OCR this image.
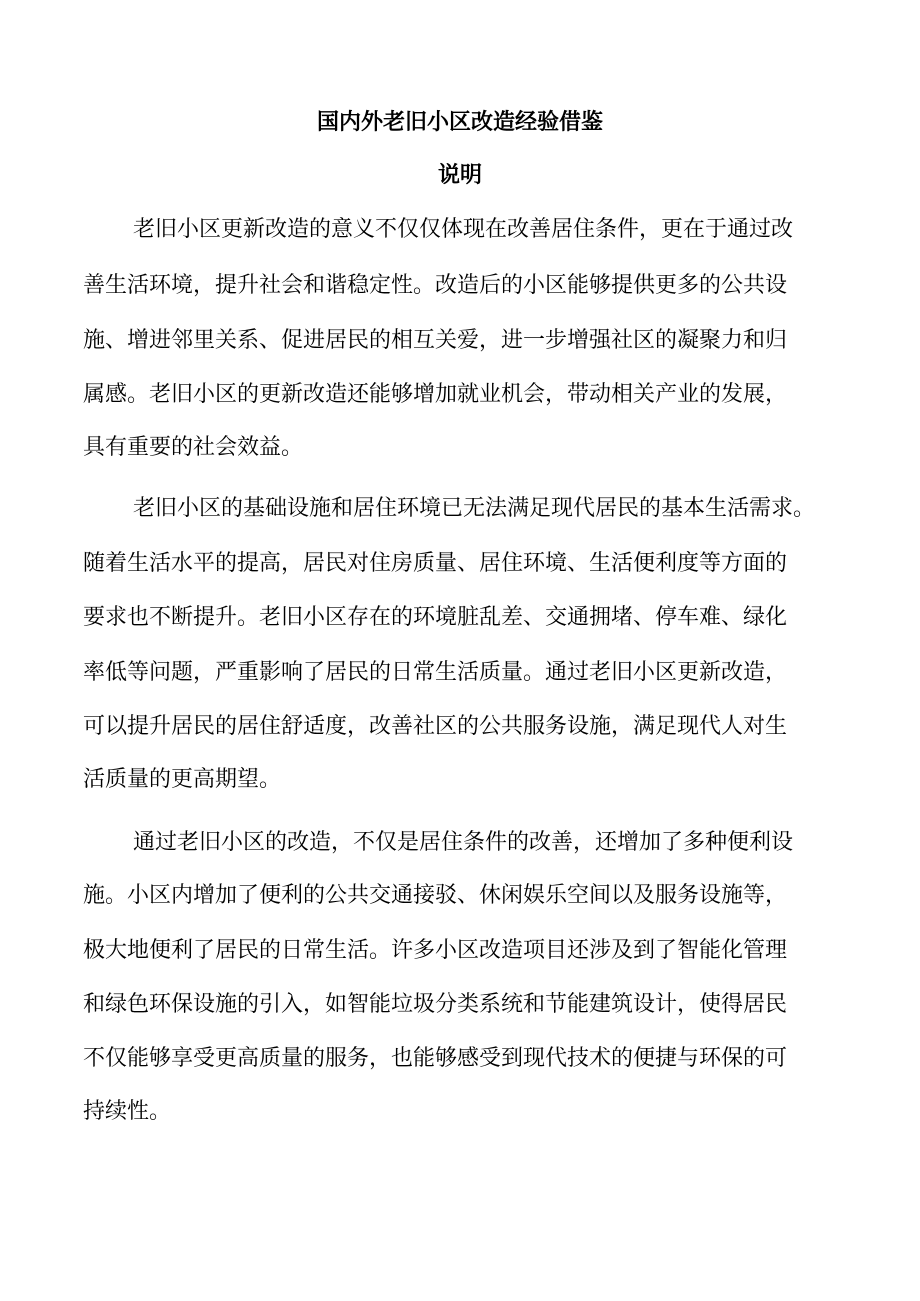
国内外老旧小区改造经验借鉴
说明
老旧小区更新改造的意义不仅仅体现在改善居住条件，更在于通过改
善生活环境，提升社会和谐稳定性。改造后的小区能够提供更多的公共设
施、增进邻里关系、促进居民的相互关爱，进一步增强社区的凝聚力和归
属感。老旧小区的更新改造还能够增加就业机会，带动相关产业的发展，
具有重要的社会效益。
老旧小区的基础设施和居住环境已无法满足现代居民的基本生活需求。
随着生活水平的提高，居民对住房质量、居住环境、生活便利度等方面的
要求也不断提升。老旧小区存在的环境脏乱差、交通拥堵、停车难、绿化
率低等问题，严重影响了居民的日常生活质量。通过老旧小区更新改造，
可以提升居民的居住舒适度，改善社区的公共服务设施，满足现代人对生
活质量的更高期望。
通过老旧小区的改造，不仅是居住条件的改善，还增加了多种便利设
施。小区内增加了便利的公共交通接驳、休闲娱乐空间以及服务设施等，
极大地便利了居民的日常生活。许多小区改造项目还涉及到了智能化管理
和绿色环保设施的引入，如智能垃圾分类系统和节能建筑设计，使得居民
不仅能够享受更高质量的服务，也能够感受到现代技术的便捷与环保的可
持续性。
